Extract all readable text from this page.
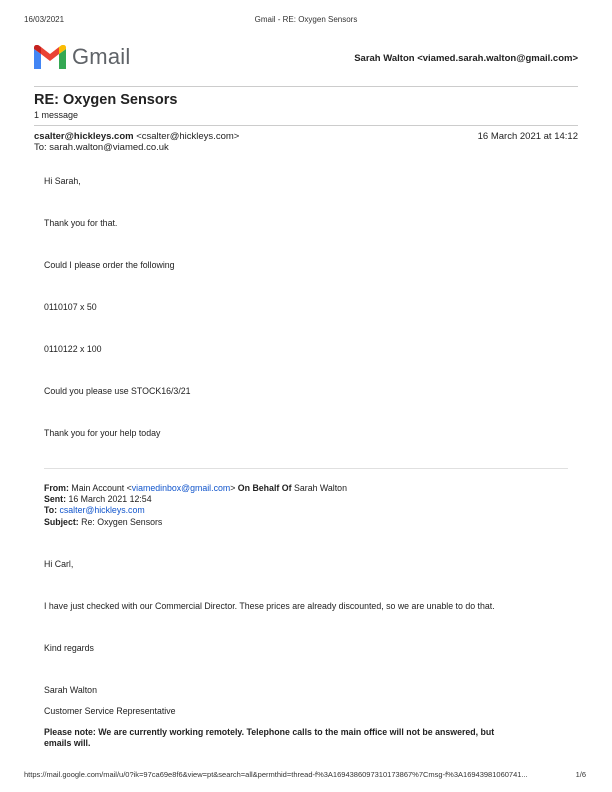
16/03/2021	Gmail - RE: Oxygen Sensors
Gmail	Sarah Walton <viamed.sarah.walton@gmail.com>
RE: Oxygen Sensors
1 message
csalter@hickleys.com <csalter@hickleys.com>	16 March 2021 at 14:12
To: sarah.walton@viamed.co.uk
Hi Sarah,
Thank you for that.
Could I please order the following
0110107 x 50
0110122 x 100
Could you please use STOCK16/3/21
Thank you for your help today
From: Main Account <viamedinbox@gmail.com> On Behalf Of Sarah Walton
Sent: 16 March 2021 12:54
To: csalter@hickleys.com
Subject: Re: Oxygen Sensors
Hi Carl,
I have just checked with our Commercial Director. These prices are already discounted, so we are unable to do that.
Kind regards
Sarah Walton
Customer Service Representative
Please note: We are currently working remotely. Telephone calls to the main office will not be answered, but
emails will.
https://mail.google.com/mail/u/0?ik=97ca69e8f6&view=pt&search=all&permthid=thread-f%3A1694386097310173867%7Cmsg-f%3A16943981060741...	1/6
